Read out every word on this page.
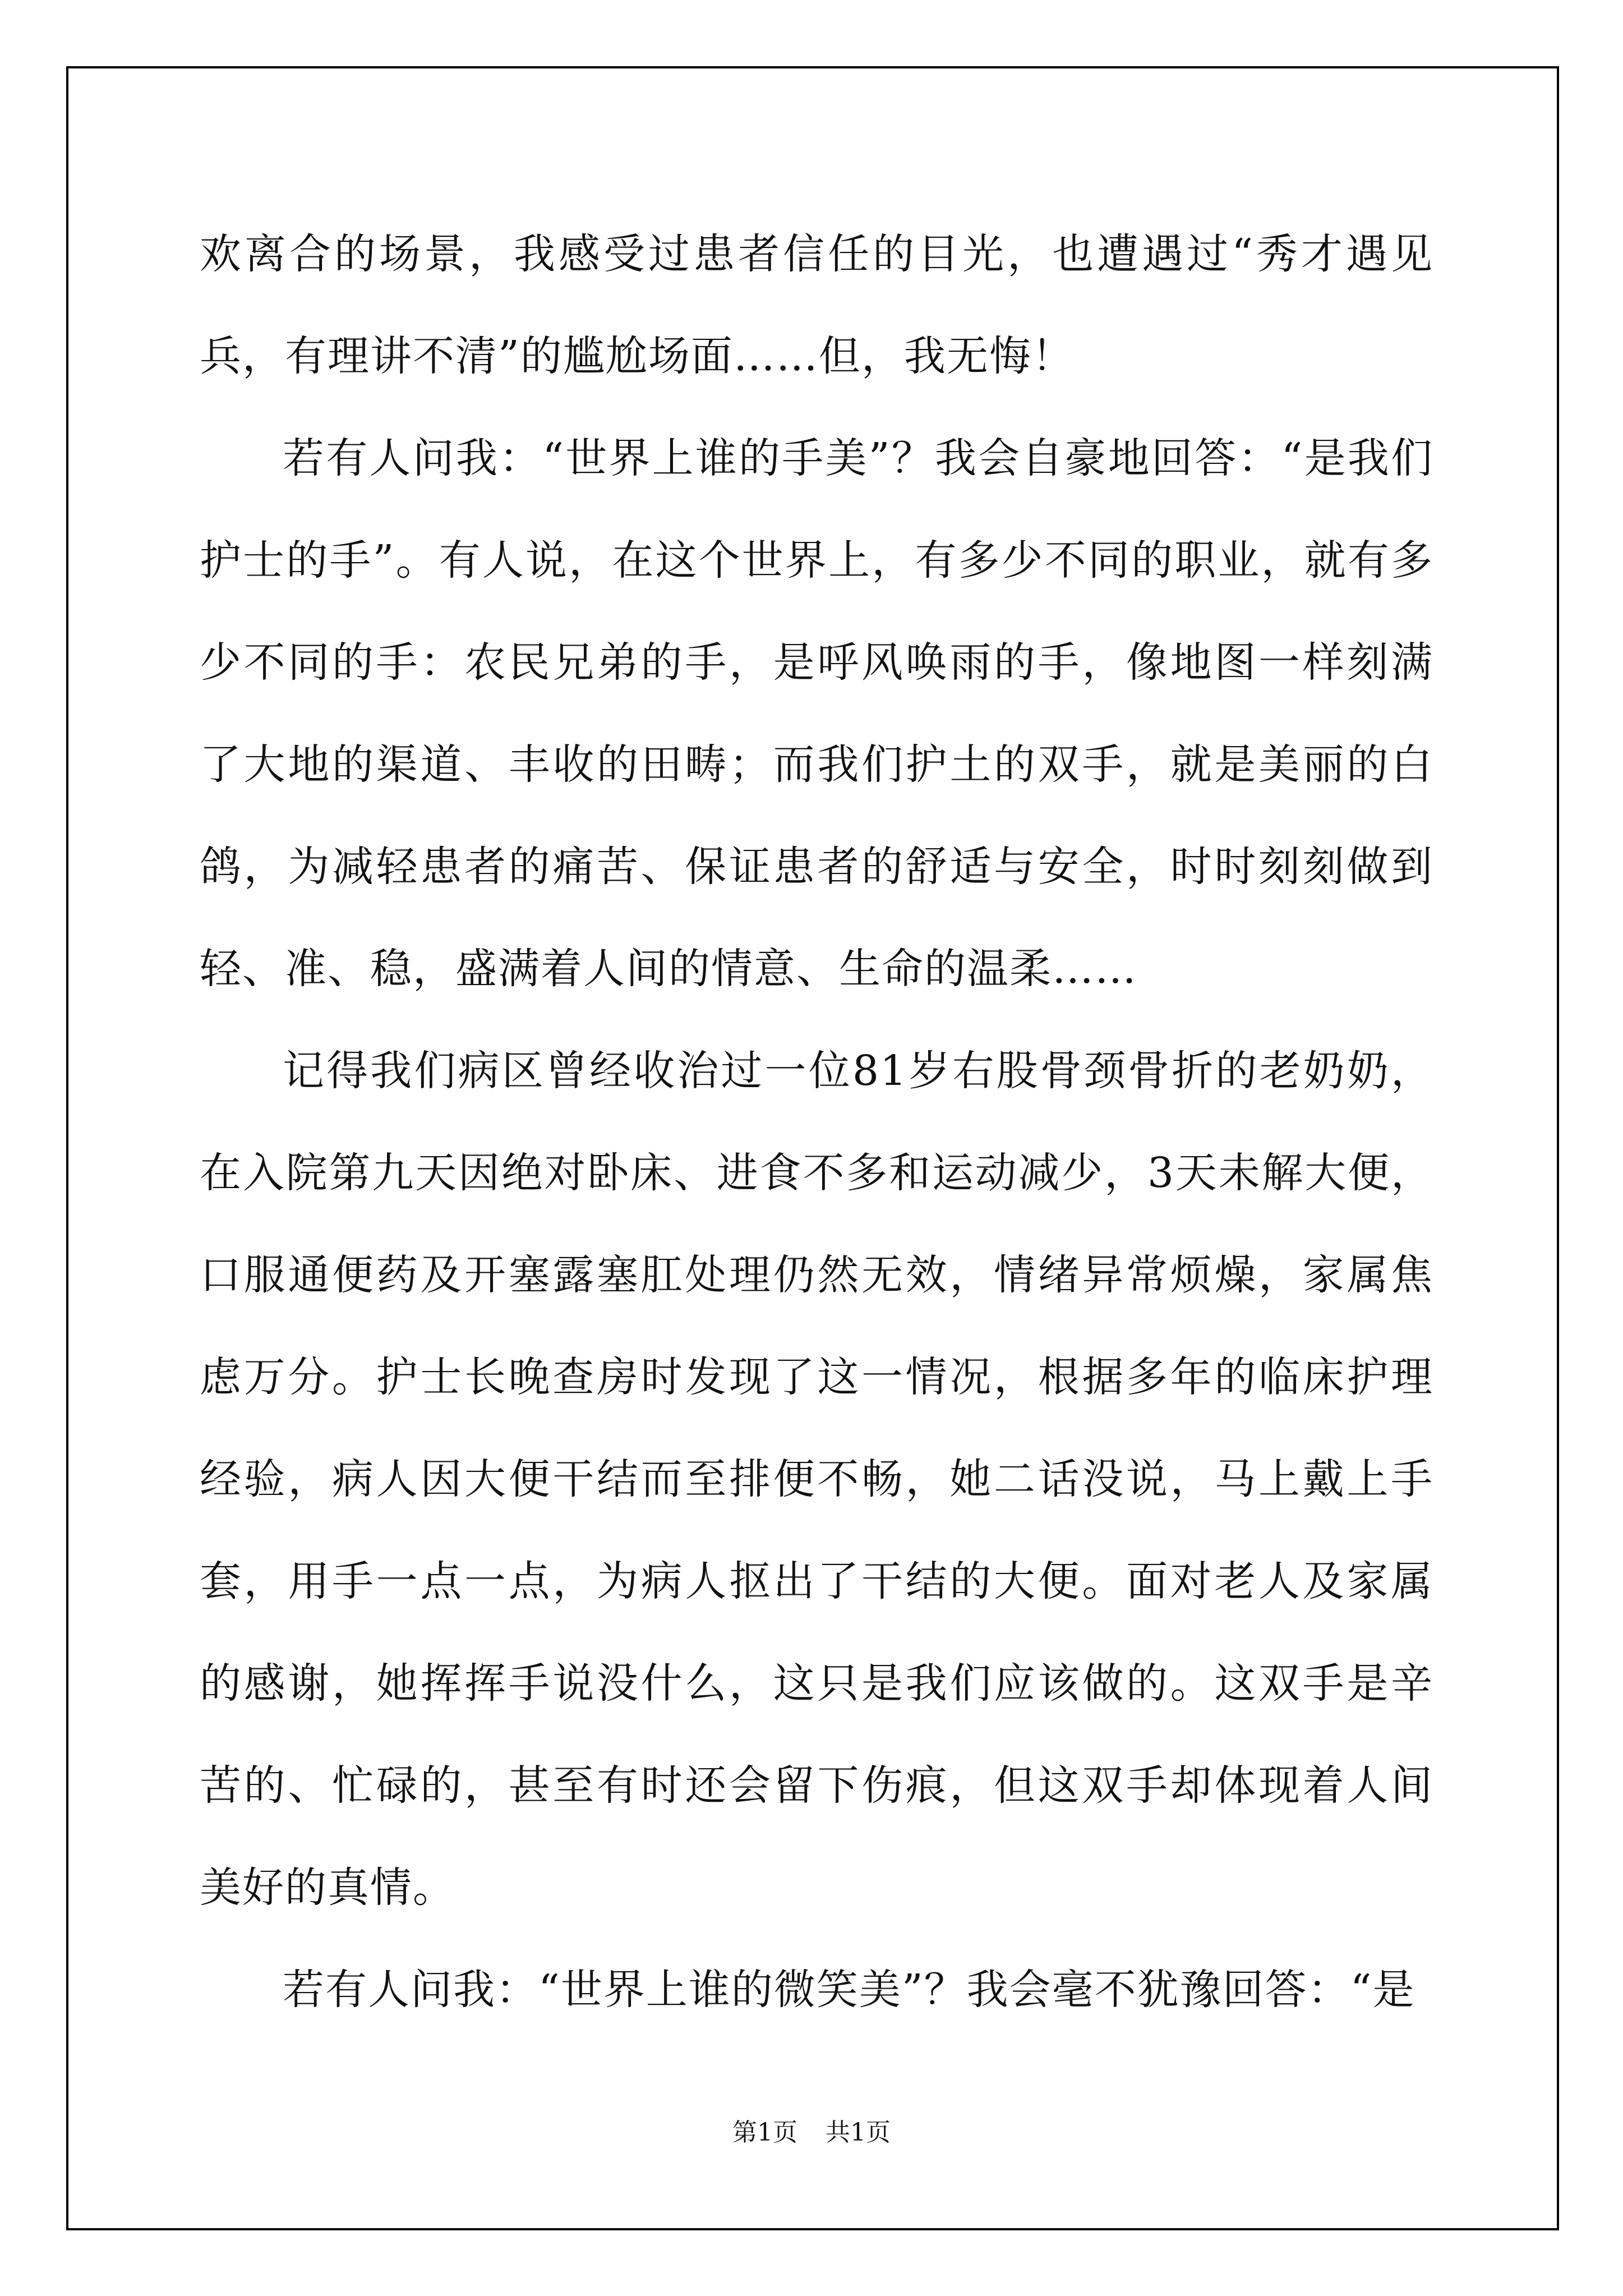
欢离合的场景，我感受过患者信任的目光，也遭遇过“秀才遇见兵，有理讲不清”的尴尬场面……但，我无悔！

若有人问我：“世界上谁的手美”？我会自豪地回答：“是我们护士的手”。有人说，在这个世界上，有多少不同的职业，就有多少不同的手：农民兄弟的手，是呼风唤雨的手，像地图一样刻满了大地的渠道、丰收的田畴；而我们护土的双手，就是美丽的白鸽，为减轻患者的痛苦、保证患者的舒适与安全，时时刻刻做到轻、准、稳，盛满着人间的情意、生命的温柔……

记得我们病区曾经收治过一位81岁右股骨颈骨折的老奶奶，在入院第九天因绝对卧床、进食不多和运动减少，3天未解大便，口服通便药及开塞露塞肛处理仍然无效，情绪异常烦燥，家属焦虑万分。护士长晚查房时发现了这一情况，根据多年的临床护理经验，病人因大便干结而至排便不畅，她二话没说，马上戴上手套，用手一点一点，为病人抠出了干结的大便。面对老人及家属的感谢，她挥挥手说没什么，这只是我们应该做的。这双手是辛苦的、忙碌的，甚至有时还会留下伤痕，但这双手却体现着人间美好的真情。

若有人问我：“世界上谁的微笑美”？我会毫不犹豫回答：“是

第1页 共1页
